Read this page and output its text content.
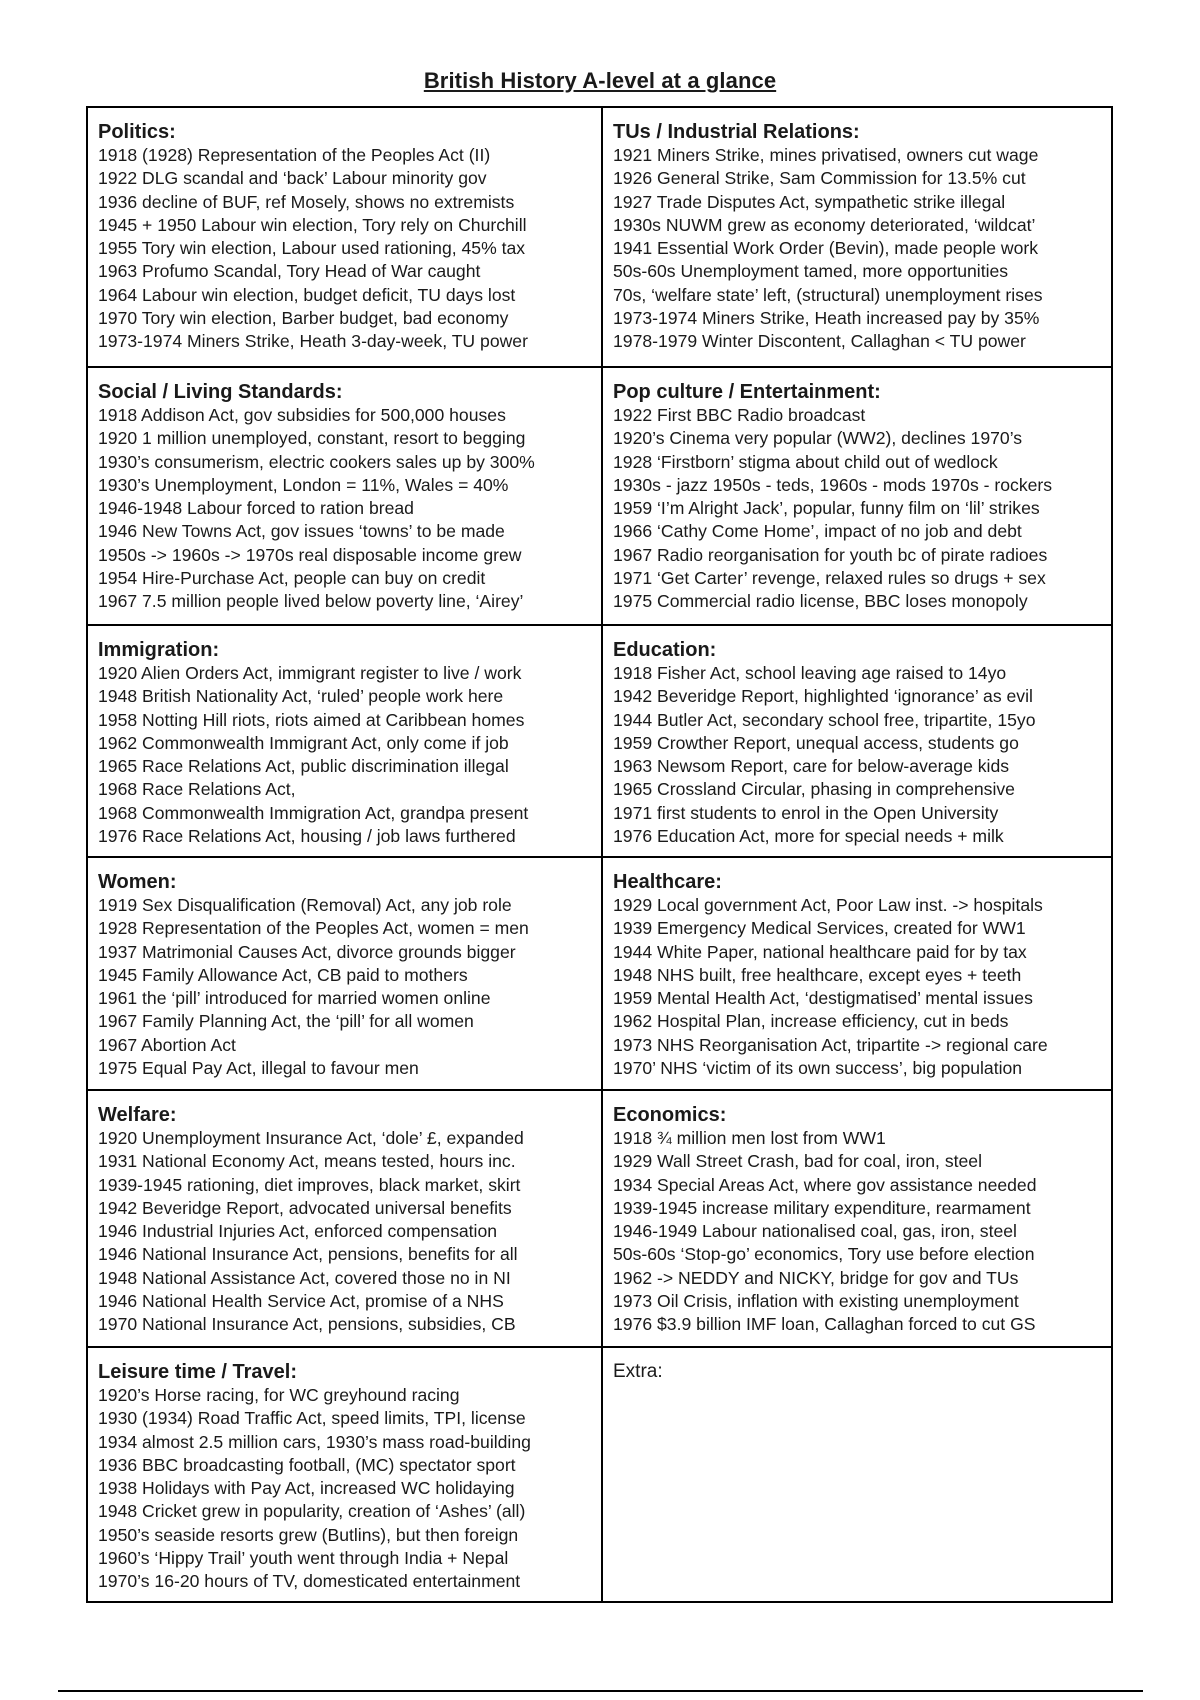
British History A-level at a glance
Politics:
1918 (1928) Representation of the Peoples Act (II)
1922 DLG scandal and ‘back’ Labour minority gov
1936 decline of BUF, ref Mosely, shows no extremists
1945 + 1950 Labour win election, Tory rely on Churchill
1955 Tory win election, Labour used rationing, 45% tax
1963 Profumo Scandal, Tory Head of War caught
1964 Labour win election, budget deficit, TU days lost
1970 Tory win election, Barber budget, bad economy
1973-1974 Miners Strike, Heath 3-day-week, TU power
TUs / Industrial Relations:
1921 Miners Strike, mines privatised, owners cut wage
1926 General Strike, Sam Commission for 13.5% cut
1927 Trade Disputes Act, sympathetic strike illegal
1930s NUWM grew as economy deteriorated, ‘wildcat’
1941 Essential Work Order (Bevin), made people work
50s-60s Unemployment tamed, more opportunities
70s, ‘welfare state’ left, (structural) unemployment rises
1973-1974 Miners Strike, Heath increased pay by 35%
1978-1979 Winter Discontent, Callaghan < TU power
Social / Living Standards:
1918 Addison Act, gov subsidies for 500,000 houses
1920 1 million unemployed, constant, resort to begging
1930’s consumerism, electric cookers sales up by 300%
1930’s Unemployment, London = 11%, Wales = 40%
1946-1948 Labour forced to ration bread
1946 New Towns Act, gov issues ‘towns’ to be made
1950s -> 1960s -> 1970s real disposable income grew
1954 Hire-Purchase Act, people can buy on credit
1967 7.5 million people lived below poverty line, ‘Airey’
Pop culture / Entertainment:
1922 First BBC Radio broadcast
1920’s Cinema very popular (WW2), declines 1970’s
1928 ‘Firstborn’ stigma about child out of wedlock
1930s - jazz 1950s - teds, 1960s - mods 1970s - rockers
1959 ‘I’m Alright Jack’, popular, funny film on ‘lil’ strikes
1966 ‘Cathy Come Home’, impact of no job and debt
1967 Radio reorganisation for youth bc of pirate radioes
1971 ‘Get Carter’ revenge, relaxed rules so drugs + sex
1975 Commercial radio license, BBC loses monopoly
Immigration:
1920 Alien Orders Act, immigrant register to live / work
1948 British Nationality Act, ‘ruled’ people work here
1958 Notting Hill riots, riots aimed at Caribbean homes
1962 Commonwealth Immigrant Act, only come if job
1965 Race Relations Act, public discrimination illegal
1968 Race Relations Act,
1968 Commonwealth Immigration Act, grandpa present
1976 Race Relations Act, housing / job laws furthered
Education:
1918 Fisher Act, school leaving age raised to 14yo
1942 Beveridge Report, highlighted ‘ignorance’ as evil
1944 Butler Act, secondary school free, tripartite, 15yo
1959 Crowther Report, unequal access, students go
1963 Newsom Report, care for below-average kids
1965 Crossland Circular, phasing in comprehensive
1971 first students to enrol in the Open University
1976 Education Act, more for special needs + milk
Women:
1919 Sex Disqualification (Removal) Act, any job role
1928 Representation of the Peoples Act, women = men
1937 Matrimonial Causes Act, divorce grounds bigger
1945 Family Allowance Act, CB paid to mothers
1961 the ‘pill’ introduced for married women online
1967 Family Planning Act, the ‘pill’ for all women
1967 Abortion Act
1975 Equal Pay Act, illegal to favour men
Healthcare:
1929 Local government Act, Poor Law inst. -> hospitals
1939 Emergency Medical Services, created for WW1
1944 White Paper, national healthcare paid for by tax
1948 NHS built, free healthcare, except eyes + teeth
1959 Mental Health Act, ‘destigmatised’ mental issues
1962 Hospital Plan, increase efficiency, cut in beds
1973 NHS Reorganisation Act, tripartite -> regional care
1970’ NHS ‘victim of its own success’, big population
Welfare:
1920 Unemployment Insurance Act, ‘dole’ £, expanded
1931 National Economy Act, means tested, hours inc.
1939-1945 rationing, diet improves, black market, skirt
1942 Beveridge Report, advocated universal benefits
1946 Industrial Injuries Act, enforced compensation
1946 National Insurance Act, pensions, benefits for all
1948 National Assistance Act, covered those no in NI
1946 National Health Service Act, promise of a NHS
1970 National Insurance Act, pensions, subsidies, CB
Economics:
1918 ¾ million men lost from WW1
1929 Wall Street Crash, bad for coal, iron, steel
1934 Special Areas Act, where gov assistance needed
1939-1945 increase military expenditure, rearmament
1946-1949 Labour nationalised coal, gas, iron, steel
50s-60s ‘Stop-go’ economics, Tory use before election
1962 -> NEDDY and NICKY, bridge for gov and TUs
1973 Oil Crisis, inflation with existing unemployment
1976 $3.9 billion IMF loan, Callaghan forced to cut GS
Leisure time / Travel:
1920’s Horse racing, for WC greyhound racing
1930 (1934) Road Traffic Act, speed limits, TPI, license
1934 almost 2.5 million cars, 1930’s mass road-building
1936 BBC broadcasting football, (MC) spectator sport
1938 Holidays with Pay Act, increased WC holidaying
1948 Cricket grew in popularity, creation of ‘Ashes’ (all)
1950’s seaside resorts grew (Butlins), but then foreign
1960’s ‘Hippy Trail’ youth went through India + Nepal
1970’s 16-20 hours of TV, domesticated entertainment
Extra:
